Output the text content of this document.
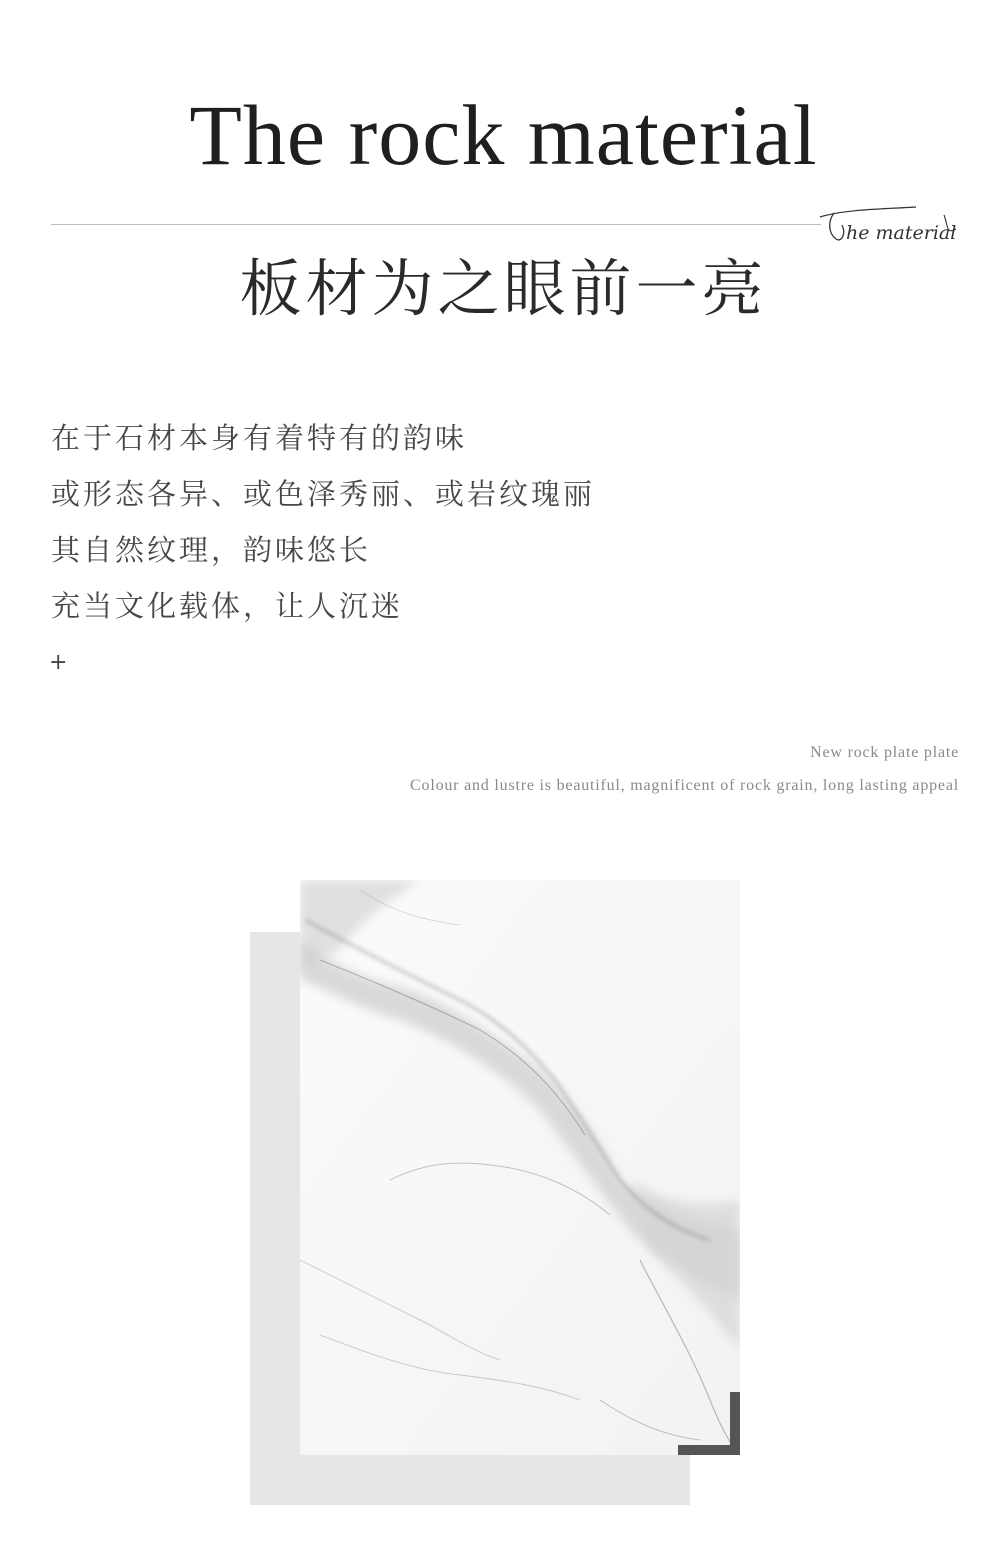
The rock material
he material
板材为之眼前一亮
在于石材本身有着特有的韵味
或形态各异、或色泽秀丽、或岩纹瑰丽
其自然纹理，韵味悠长
充当文化载体，让人沉迷
+
New rock plate plate
Colour and lustre is beautiful, magnificent of rock grain, long lasting appeal
